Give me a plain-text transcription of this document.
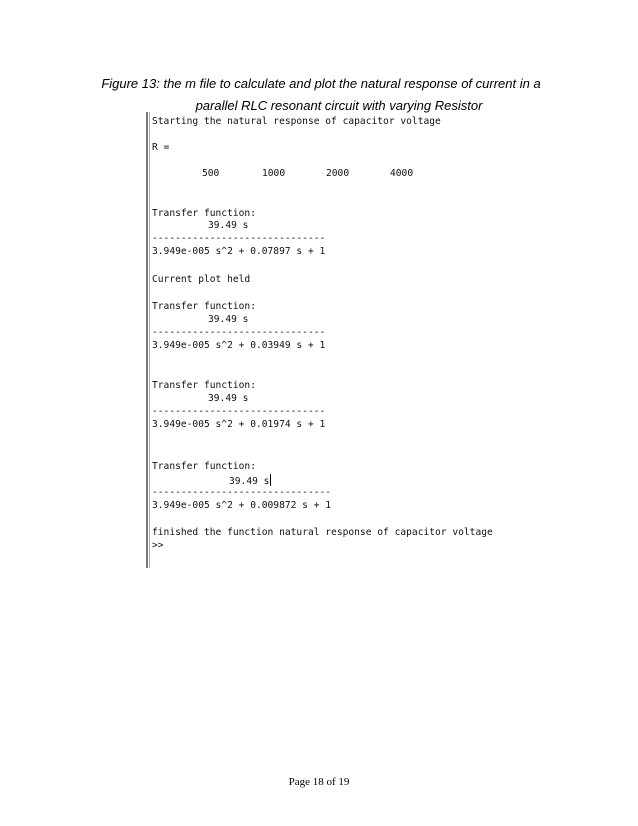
Figure 13: the m file to calculate and plot the natural response of current in a
parallel RLC resonant circuit with varying Resistor
Starting the natural response of capacitor voltage
R =

500

	1000

	2000

	4000

Transfer function:
39.49 s
------------------------------
3.949e-005 s^2 + 0.07897 s + 1
Current plot held
Transfer function:
39.49 s
------------------------------
3.949e-005 s^2 + 0.03949 s + 1
Transfer function:
39.49 s
------------------------------
3.949e-005 s^2 + 0.01974 s + 1
Transfer function:
39.49 s
-------------------------------
3.949e-005 s^2 + 0.009872 s + 1
finished the function natural response of capacitor voltage
>>
Page 18 of 19
